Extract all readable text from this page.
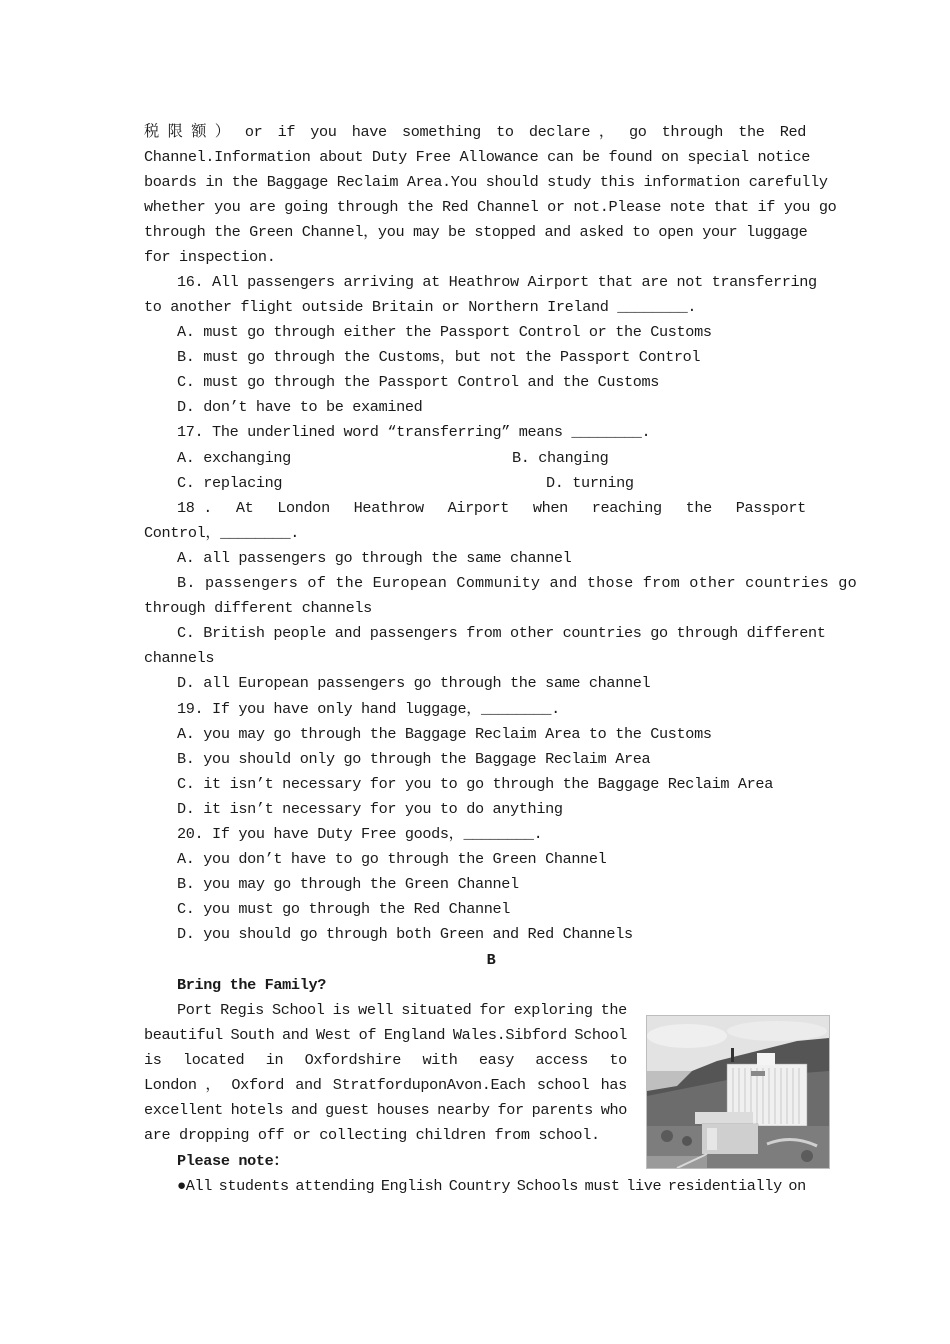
税 限 额 ） or if you have something to declare ， go through the Red
Channel.Information about Duty Free Allowance can be found on special notice
boards in the Baggage Reclaim Area.You should study this information carefully
whether you are going through the Red Channel or not.Please note that if you go
through the Green Channel，you may be stopped and asked to open your luggage
for inspection.
16. All passengers arriving at Heathrow Airport that are not transferring
to another flight outside Britain or Northern Ireland ________.
A. must go through either the Passport Control or the Customs
B. must go through the Customs，but not the Passport Control
C. must go through the Passport Control and the Customs
D. don’t have to be examined
17. The underlined word “transferring” means ________.
A. exchanging	B. changing
C. replacing	D. turning
18 . At London Heathrow Airport when reaching the Passport
Control，________.
A. all passengers go through the same channel
B. passengers of the European Community and those from other countries go
through different channels
C. British people and passengers from other countries go through different
channels
D. all European passengers go through the same channel
19. If you have only hand luggage，________.
A. you may go through the Baggage Reclaim Area to the Customs
B. you should only go through the Baggage Reclaim Area
C. it isn’t necessary for you to go through the Baggage Reclaim Area
D. it isn’t necessary for you to do anything
20. If you have Duty Free goods，________.
A. you don’t have to go through the Green Channel
B. you may go through the Green Channel
C. you must go through the Red Channel
D. you should go through both Green and Red Channels
B
Bring the Family?
Port Regis School is well situated for exploring the
beautiful South and West of England Wales.Sibford School
is located in Oxfordshire with easy access to
London ， Oxford and StratforduponAvon.Each school has
excellent hotels and guest houses nearby for parents who
are dropping off or collecting children from school.
Please note：
●All students attending English Country Schools must live residentially on
